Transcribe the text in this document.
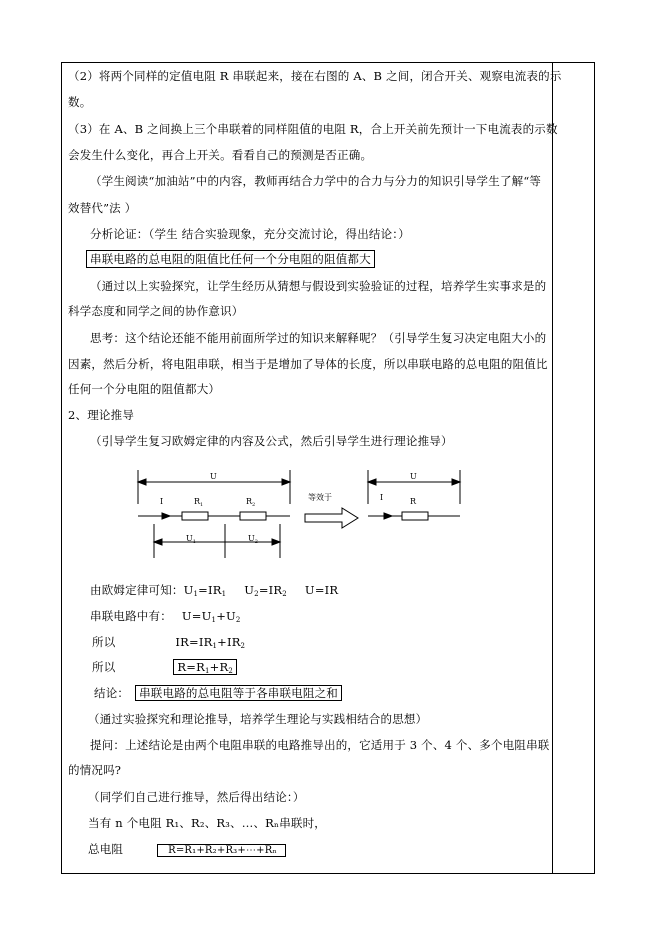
（2）将两个同样的定值电阻 R 串联起来，接在右图的 A、B 之间，闭合开关、观察电流表的示
数。
（3）在 A、B 之间换上三个串联着的同样阻值的电阻 R，合上开关前先预计一下电流表的示数
会发生什么变化，再合上开关。看看自己的预测是否正确。
（学生阅读“加油站”中的内容，教师再结合力学中的合力与分力的知识引导学生了解“等
效替代”法 ）
分析论证：（学生 结合实验现象，充分交流讨论，得出结论：）
串联电路的总电阻的阻值比任何一个分电阻的阻值都大
（通过以上实验探究，让学生经历从猜想与假设到实验验证的过程，培养学生实事求是的
科学态度和同学之间的协作意识）
思考：这个结论还能不能用前面所学过的知识来解释呢？（引导学生复习决定电阻大小的
因素，然后分析，将电阻串联，相当于是增加了导体的长度，所以串联电路的总电阻的阻值比
任何一个分电阻的阻值都大）
2、理论推导
（引导学生复习欧姆定律的内容及公式，然后引导学生进行理论推导）
U
I	$R_1$	$R_2$
$U_1$	$U_2$
等效于
U
I	R
由欧姆定律可知：$U_1=IR_1$ $U_2=IR_2$ U=IR
串联电路中有： $U=U_1+U_2$
所以	$IR=IR_1+IR_2$
所以	$R=R_1+R_2$
结论： 串联电路的总电阻等于各串联电阻之和
（通过实验探究和理论推导，培养学生理论与实践相结合的思想）
提问：上述结论是由两个电阻串联的电路推导出的，它适用于 3 个、4 个、多个电阻串联
的情况吗?
（同学们自己进行推导，然后得出结论：）
当有 n 个电阻 R₁、R₂、R₃、…、Rₙ串联时，
总电阻	R=R₁+R₂+R₃+⋯+Rₙ
